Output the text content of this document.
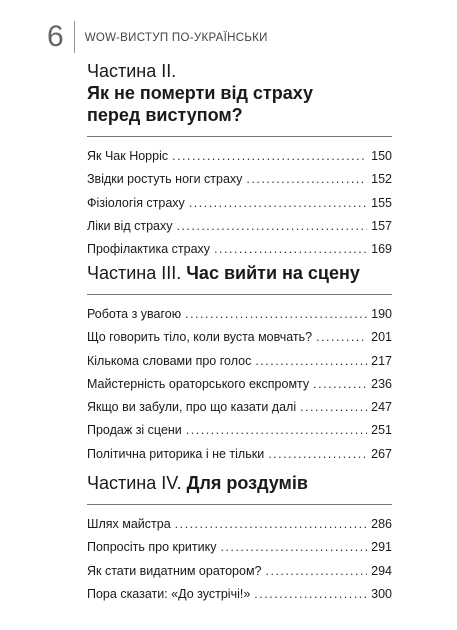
6 WOW-ВИСТУП ПО-УКРАЇНСЬКИ
Частина ІІ.
Як не померти від страху
перед виступом?
Як Чак Норріс .....	150
Звідки ростуть ноги страху .....	152
Фізіологія страху .....	155
Ліки від страху .....	157
Профілактика страху .....	169
Частина ІІІ. Час вийти на сцену
Робота з увагою .....	190
Що говорить тіло, коли вуста мовчать? .....	201
Кількома словами про голос .....	217
Майстерність ораторського експромту .....	236
Якщо ви забули, про що казати далі .....	247
Продаж зі сцени .....	251
Політична риторика і не тільки .....	267
Частина ІV. Для роздумів
Шлях майстра .....	286
Попросіть про критику .....	291
Як стати видатним оратором? .....	294
Пора сказати: «До зустрічі!» .....	300
